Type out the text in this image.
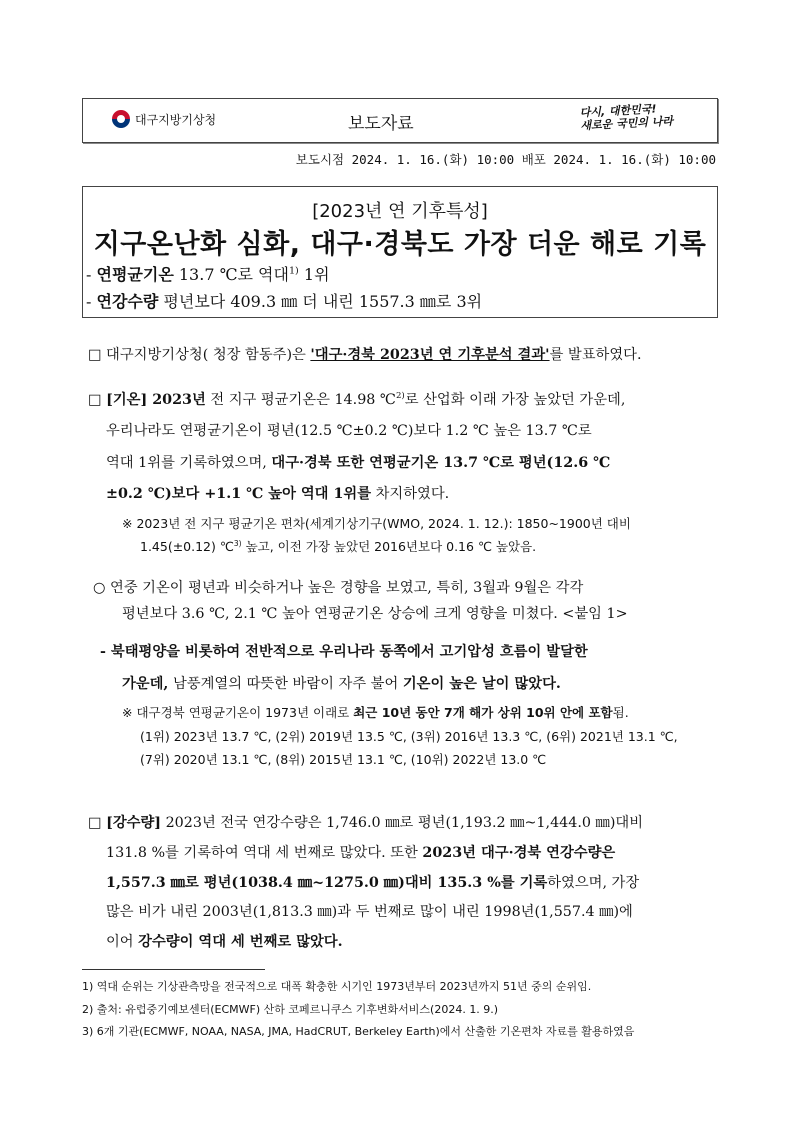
대구지방기상청	보도자료
다시, 대한민국!
새로운 국민의 나라
보도시점 2024. 1. 16.(화) 10:00 배포 2024. 1. 16.(화) 10:00
[2023년 연 기후특성]
지구온난화 심화, 대구·경북도 가장 더운 해로 기록
- 연평균기온 13.7 ℃로 역대$^{1)}$ 1위
- 연강수량 평년보다 409.3 ㎜ 더 내린 1557.3 ㎜로 3위
□ 대구지방기상청( 청장 함동주)은 '대구·경북 2023년 연 기후분석 결과'를 발표하였다.
□ [기온] 2023년 전 지구 평균기온은 14.98 ℃$^{2)}$로 산업화 이래 가장 높았던 가운데,
우리나라도 연평균기온이 평년(12.5 ℃±0.2 ℃)보다 1.2 ℃ 높은 13.7 ℃로
역대 1위를 기록하였으며, 대구·경북 또한 연평균기온 13.7 ℃로 평년(12.6 ℃
±0.2 ℃)보다 +1.1 ℃ 높아 역대 1위를 차지하였다.
※ 2023년 전 지구 평균기온 편차(세계기상기구(WMO, 2024. 1. 12.): 1850~1900년 대비
1.45(±0.12) ℃$^{3)}$ 높고, 이전 가장 높았던 2016년보다 0.16 ℃ 높았음.
○ 연중 기온이 평년과 비슷하거나 높은 경향을 보였고, 특히, 3월과 9월은 각각
평년보다 3.6 ℃, 2.1 ℃ 높아 연평균기온 상승에 크게 영향을 미쳤다. <붙임 1>
- 북태평양을 비롯하여 전반적으로 우리나라 동쪽에서 고기압성 흐름이 발달한
가운데, 남풍계열의 따뜻한 바람이 자주 불어 기온이 높은 날이 많았다.
※ 대구경북 연평균기온이 1973년 이래로 최근 10년 동안 7개 해가 상위 10위 안에 포함됨.
(1위) 2023년 13.7 ℃, (2위) 2019년 13.5 ℃, (3위) 2016년 13.3 ℃, (6위) 2021년 13.1 ℃,
(7위) 2020년 13.1 ℃, (8위) 2015년 13.1 ℃, (10위) 2022년 13.0 ℃
□ [강수량] 2023년 전국 연강수량은 1,746.0 ㎜로 평년(1,193.2 ㎜~1,444.0 ㎜)대비
131.8 %를 기록하여 역대 세 번째로 많았다. 또한 2023년 대구·경북 연강수량은
1,557.3 ㎜로 평년(1038.4 ㎜~1275.0 ㎜)대비 135.3 %를 기록하였으며, 가장
많은 비가 내린 2003년(1,813.3 ㎜)과 두 번째로 많이 내린 1998년(1,557.4 ㎜)에
이어 강수량이 역대 세 번째로 많았다.
1) 역대 순위는 기상관측망을 전국적으로 대폭 확충한 시기인 1973년부터 2023년까지 51년 중의 순위임.
2) 출처: 유럽중기예보센터(ECMWF) 산하 코페르니쿠스 기후변화서비스(2024. 1. 9.)
3) 6개 기관(ECMWF, NOAA, NASA, JMA, HadCRUT, Berkeley Earth)에서 산출한 기온편차 자료를 활용하였음
